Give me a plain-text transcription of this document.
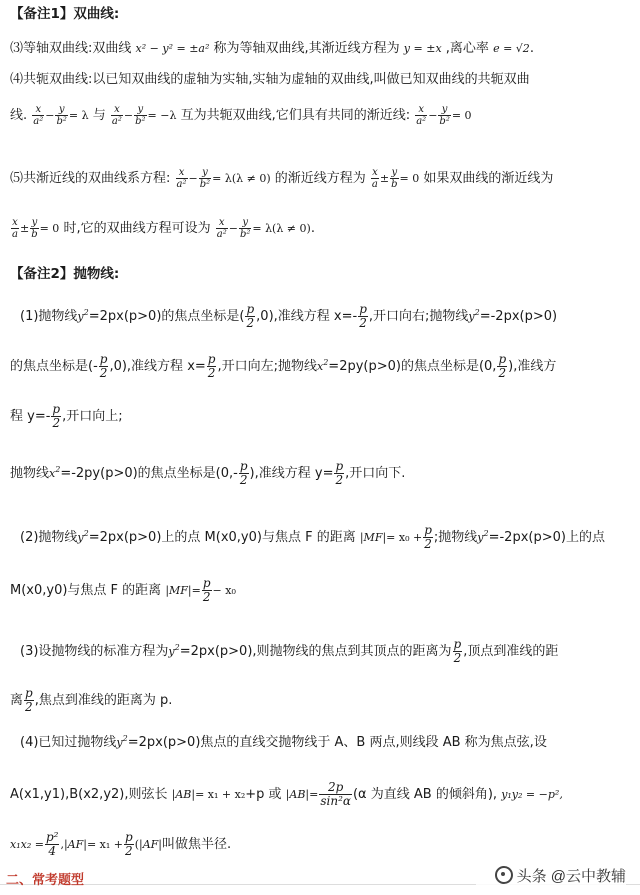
【备注1】双曲线:
⑶等轴双曲线:双曲线 x² − y² = ±a² 称为等轴双曲线,其渐近线方程为 y = ±x ,离心率 e = √2.
⑷共轭双曲线:以已知双曲线的虚轴为实轴,实轴为虚轴的双曲线,叫做已知双曲线的共轭双曲
线. $\frac{x}{\text{a²}} - \frac{y}{\text{b²}} = \lambda$ 与 $\frac{x}{\text{a²}} - \frac{y}{\text{b²}} = -\lambda$ 互为共轭双曲线,它们具有共同的渐近线: $\frac{x}{\text{a²}} - \frac{y}{\text{b²}} = 0$
⑸共渐近线的双曲线系方程: $\frac{x}{\text{a²}} - \frac{y}{\text{b²}} = \lambda(\lambda \ne 0)$ 的渐近线方程为 $\frac{x}{a} \pm \frac{y}{b} = 0$ 如果双曲线的渐近线为
$\frac{x}{a} \pm \frac{y}{b} = 0$ 时,它的双曲线方程可设为 $\frac{x}{\text{a²}} - \frac{y}{\text{b²}} = \lambda(\lambda \ne 0)$.
【备注2】抛物线:
(1)抛物线$y^2=2px(p>0)$的焦点坐标是( $\frac{p}{2} ,0$),准线方程 $x=- \frac{p}{2}$ ,开口向右;抛物线$y^2=-2px(p>0)$
的焦点坐标是(- $\frac{p}{2} ,0$),准线方程 $x= \frac{p}{2}$ ,开口向左;抛物线$x^2=2py(p>0)$的焦点坐标是(0, $\frac{p}{2}$ ),准线方
程 $y=- \frac{p}{2}$ ,开口向上;
抛物线$x^2=-2py(p>0)$的焦点坐标是($0,- \frac{p}{2}$ ),准线方程 $y= \frac{p}{2}$ ,开口向下.
(2)抛物线$y^2=2px(p>0)$上的点 M(x0,y0)与焦点 F 的距离 $|MF|= x_0 + \frac{p}{2}$ ;抛物线$y^2=-2px(p>0)$上的点
M(x0,y0)与焦点 F 的距离 $|MF|= \frac{p}{2} - x_0$
(3)设抛物线的标准方程为$y^2=2px(p>0)$,则抛物线的焦点到其顶点的距离为 $\frac{p}{2}$ ,顶点到准线的距
离 $\frac{p}{2}$ ,焦点到准线的距离为 p.
(4)已知过抛物线$y^2=2px(p>0)$焦点的直线交抛物线于 A、B 两点,则线段 AB 称为焦点弦,设
A(x1,y1),B(x2,y2),则弦长 |AB|= x₁ + x₂+p 或 $|AB|= \frac{2p}{\text{sin²α}} (\alpha$ 为直线 AB 的倾斜角), y₁y₂ = −p²,
$x_1x_2 = \frac{\text{p²}}{4} ,|AF|= x_1 + \frac{p}{2} (|AF|$叫做焦半径.
二、常考题型	头条 @云中教辅
